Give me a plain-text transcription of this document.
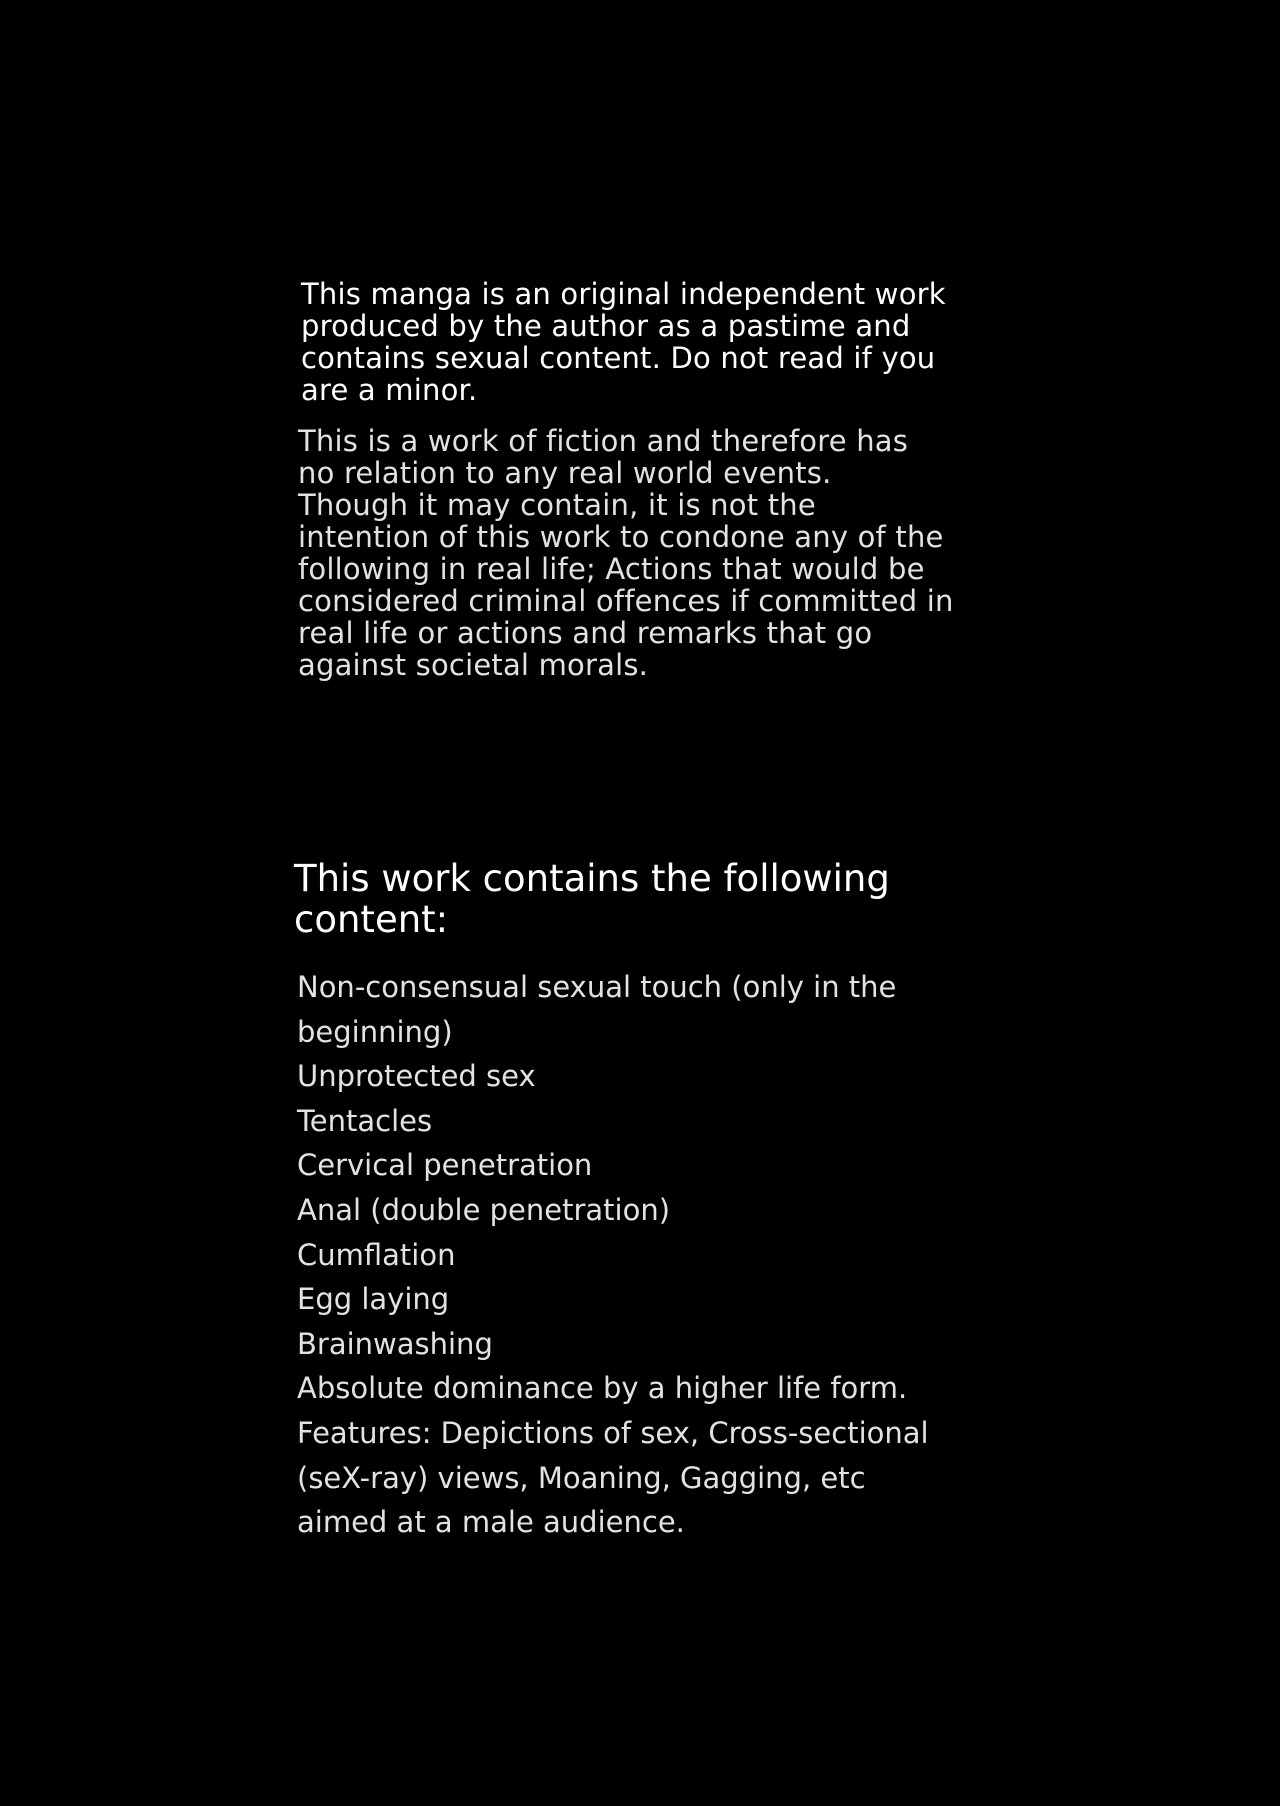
This manga is an original independent work
produced by the author as a pastime and
contains sexual content. Do not read if you
are a minor.

This is a work of fiction and therefore has
no relation to any real world events.
Though it may contain, it is not the
intention of this work to condone any of the
following in real life; Actions that would be
considered criminal offences if committed in
real life or actions and remarks that go
against societal morals.

This work contains the following
content:
Non-consensual sexual touch (only in the
beginning)
Unprotected sex
Tentacles
Cervical penetration
Anal (double penetration)
Cumflation
Egg laying
Brainwashing
Absolute dominance by a higher life form.
Features: Depictions of sex, Cross-sectional
(seX-ray) views, Moaning, Gagging, etc
aimed at a male audience.
